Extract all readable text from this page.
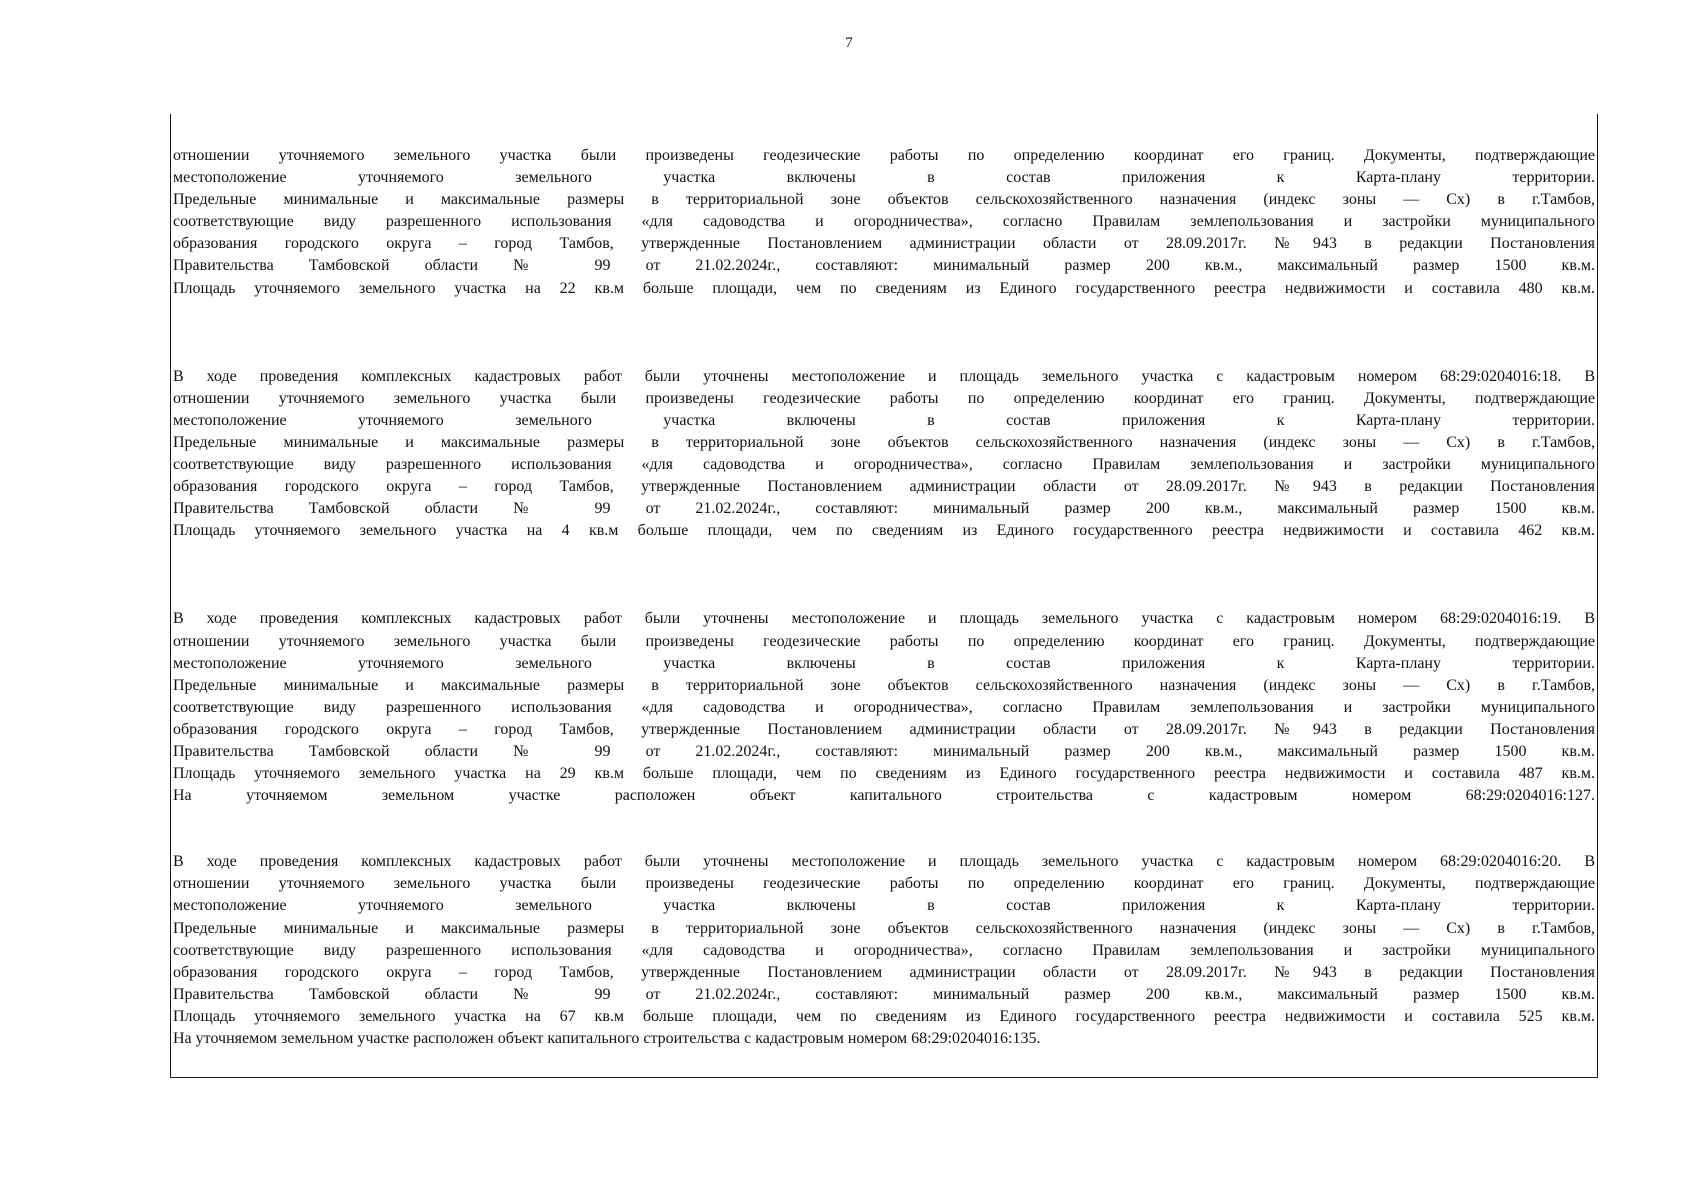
7

отношении уточняемого земельного участка были произведены геодезические работы по определению координат его границ. Документы, подтверждающие
местоположение уточняемого земельного участка включены в состав приложения к Карта-плану территории.
Предельные минимальные и максимальные размеры в территориальной зоне объектов сельскохозяйственного назначения (индекс зоны — Сх) в г.Тамбов,
соответствующие виду разрешенного использования «для садоводства и огородничества», согласно Правилам землепользования и застройки муниципального
образования городского округа – город Тамбов, утвержденные Постановлением администрации области от 28.09.2017г. №943 в редакции Постановления
Правительства Тамбовской области № 99 от 21.02.2024г., составляют: минимальный размер 200 кв.м., максимальный размер 1500 кв.м.
Площадь уточняемого земельного участка на 22 кв.м больше площади, чем по сведениям из Единого государственного реестра недвижимости и составила 480 кв.м.

В ходе проведения комплексных кадастровых работ были уточнены местоположение и площадь земельного участка с кадастровым номером 68:29:0204016:18. В
отношении уточняемого земельного участка были произведены геодезические работы по определению координат его границ. Документы, подтверждающие
местоположение уточняемого земельного участка включены в состав приложения к Карта-плану территории.
Предельные минимальные и максимальные размеры в территориальной зоне объектов сельскохозяйственного назначения (индекс зоны — Сх) в г.Тамбов,
соответствующие виду разрешенного использования «для садоводства и огородничества», согласно Правилам землепользования и застройки муниципального
образования городского округа – город Тамбов, утвержденные Постановлением администрации области от 28.09.2017г. №943 в редакции Постановления
Правительства Тамбовской области № 99 от 21.02.2024г., составляют: минимальный размер 200 кв.м., максимальный размер 1500 кв.м.
Площадь уточняемого земельного участка на 4 кв.м больше площади, чем по сведениям из Единого государственного реестра недвижимости и составила 462 кв.м.

В ходе проведения комплексных кадастровых работ были уточнены местоположение и площадь земельного участка с кадастровым номером 68:29:0204016:19. В
отношении уточняемого земельного участка были произведены геодезические работы по определению координат его границ. Документы, подтверждающие
местоположение уточняемого земельного участка включены в состав приложения к Карта-плану территории.
Предельные минимальные и максимальные размеры в территориальной зоне объектов сельскохозяйственного назначения (индекс зоны — Сх) в г.Тамбов,
соответствующие виду разрешенного использования «для садоводства и огородничества», согласно Правилам землепользования и застройки муниципального
образования городского округа – город Тамбов, утвержденные Постановлением администрации области от 28.09.2017г. №943 в редакции Постановления
Правительства Тамбовской области № 99 от 21.02.2024г., составляют: минимальный размер 200 кв.м., максимальный размер 1500 кв.м.
Площадь уточняемого земельного участка на 29 кв.м больше площади, чем по сведениям из Единого государственного реестра недвижимости и составила 487 кв.м.
На уточняемом земельном участке расположен объект капитального строительства с кадастровым номером 68:29:0204016:127.

В ходе проведения комплексных кадастровых работ были уточнены местоположение и площадь земельного участка с кадастровым номером 68:29:0204016:20. В
отношении уточняемого земельного участка были произведены геодезические работы по определению координат его границ. Документы, подтверждающие
местоположение уточняемого земельного участка включены в состав приложения к Карта-плану территории.
Предельные минимальные и максимальные размеры в территориальной зоне объектов сельскохозяйственного назначения (индекс зоны — Сх) в г.Тамбов,
соответствующие виду разрешенного использования «для садоводства и огородничества», согласно Правилам землепользования и застройки муниципального
образования городского округа – город Тамбов, утвержденные Постановлением администрации области от 28.09.2017г. №943 в редакции Постановления
Правительства Тамбовской области № 99 от 21.02.2024г., составляют: минимальный размер 200 кв.м., максимальный размер 1500 кв.м.
Площадь уточняемого земельного участка на 67 кв.м больше площади, чем по сведениям из Единого государственного реестра недвижимости и составила 525 кв.м.
На уточняемом земельном участке расположен объект капитального строительства с кадастровым номером 68:29:0204016:135.
